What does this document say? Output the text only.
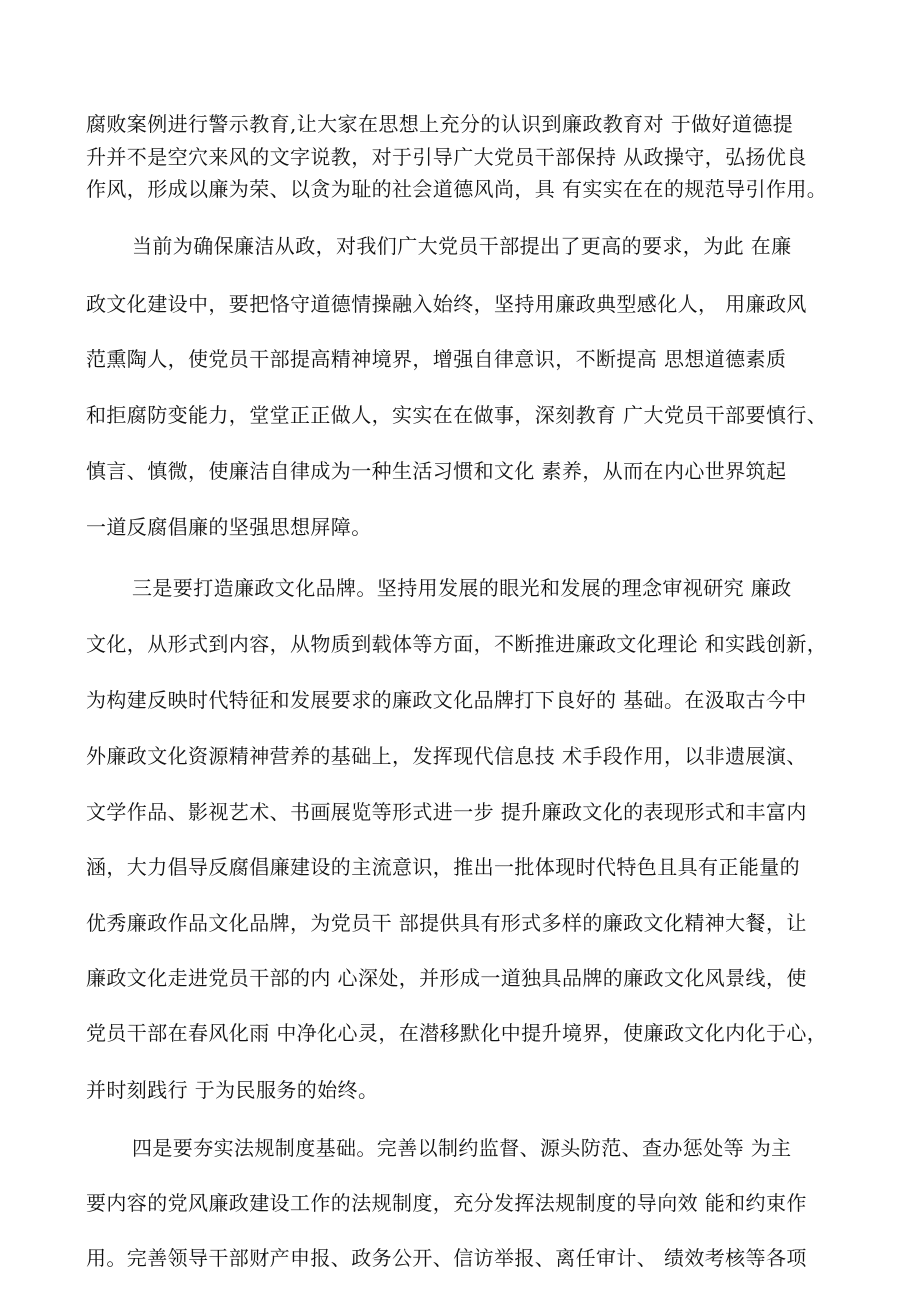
腐败案例进行警示教育,让大家在思想上充分的认识到廉政教育对 于做好道德提
升并不是空穴来风的文字说教，对于引导广大党员干部保持 从政操守，弘扬优良
作风，形成以廉为荣、以贪为耻的社会道德风尚，具 有实实在在的规范导引作用。
当前为确保廉洁从政，对我们广大党员干部提出了更高的要求，为此 在廉
政文化建设中，要把恪守道德情操融入始终，坚持用廉政典型感化人， 用廉政风
范熏陶人，使党员干部提高精神境界，增强自律意识，不断提高 思想道德素质
和拒腐防变能力，堂堂正正做人，实实在在做事，深刻教育 广大党员干部要慎行、
慎言、慎微，使廉洁自律成为一种生活习惯和文化 素养，从而在内心世界筑起
一道反腐倡廉的坚强思想屏障。
三是要打造廉政文化品牌。坚持用发展的眼光和发展的理念审视研究 廉政
文化，从形式到内容，从物质到载体等方面，不断推进廉政文化理论 和实践创新，
为构建反映时代特征和发展要求的廉政文化品牌打下良好的 基础。在汲取古今中
外廉政文化资源精神营养的基础上，发挥现代信息技 术手段作用，以非遗展演、
文学作品、影视艺术、书画展览等形式进一步 提升廉政文化的表现形式和丰富内
涵，大力倡导反腐倡廉建设的主流意识，推出一批体现时代特色且具有正能量的
优秀廉政作品文化品牌，为党员干 部提供具有形式多样的廉政文化精神大餐，让
廉政文化走进党员干部的内 心深处，并形成一道独具品牌的廉政文化风景线，使
党员干部在春风化雨 中净化心灵，在潜移默化中提升境界，使廉政文化内化于心，
并时刻践行 于为民服务的始终。
四是要夯实法规制度基础。完善以制约监督、源头防范、查办惩处等 为主
要内容的党风廉政建设工作的法规制度，充分发挥法规制度的导向效 能和约束作
用。完善领导干部财产申报、政务公开、信访举报、离任审计、 绩效考核等各项
